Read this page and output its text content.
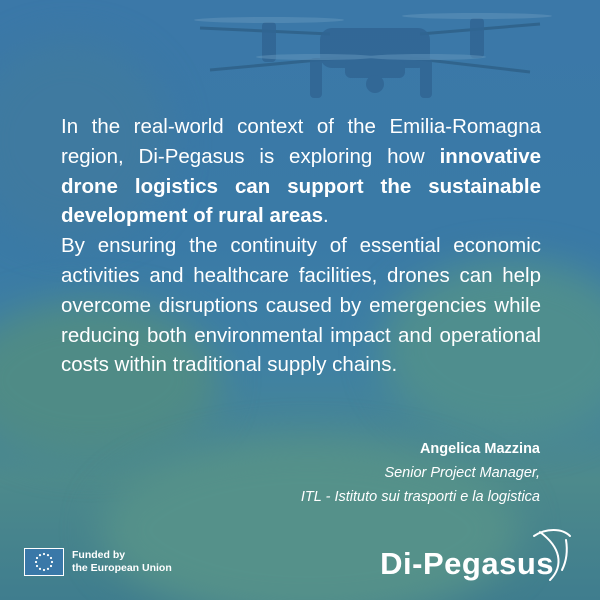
In the real-world context of the Emilia-Romagna region, Di-Pegasus is exploring how innovative drone logistics can support the sustainable development of rural areas.

By ensuring the continuity of essential economic activities and healthcare facilities, drones can help overcome disruptions caused by emergencies while reducing both environmental impact and operational costs within traditional supply chains.

Angelica Mazzina
Senior Project Manager,
ITL - Istituto sui trasporti e la logistica
Funded by
the European Union	Di-Pegasus
